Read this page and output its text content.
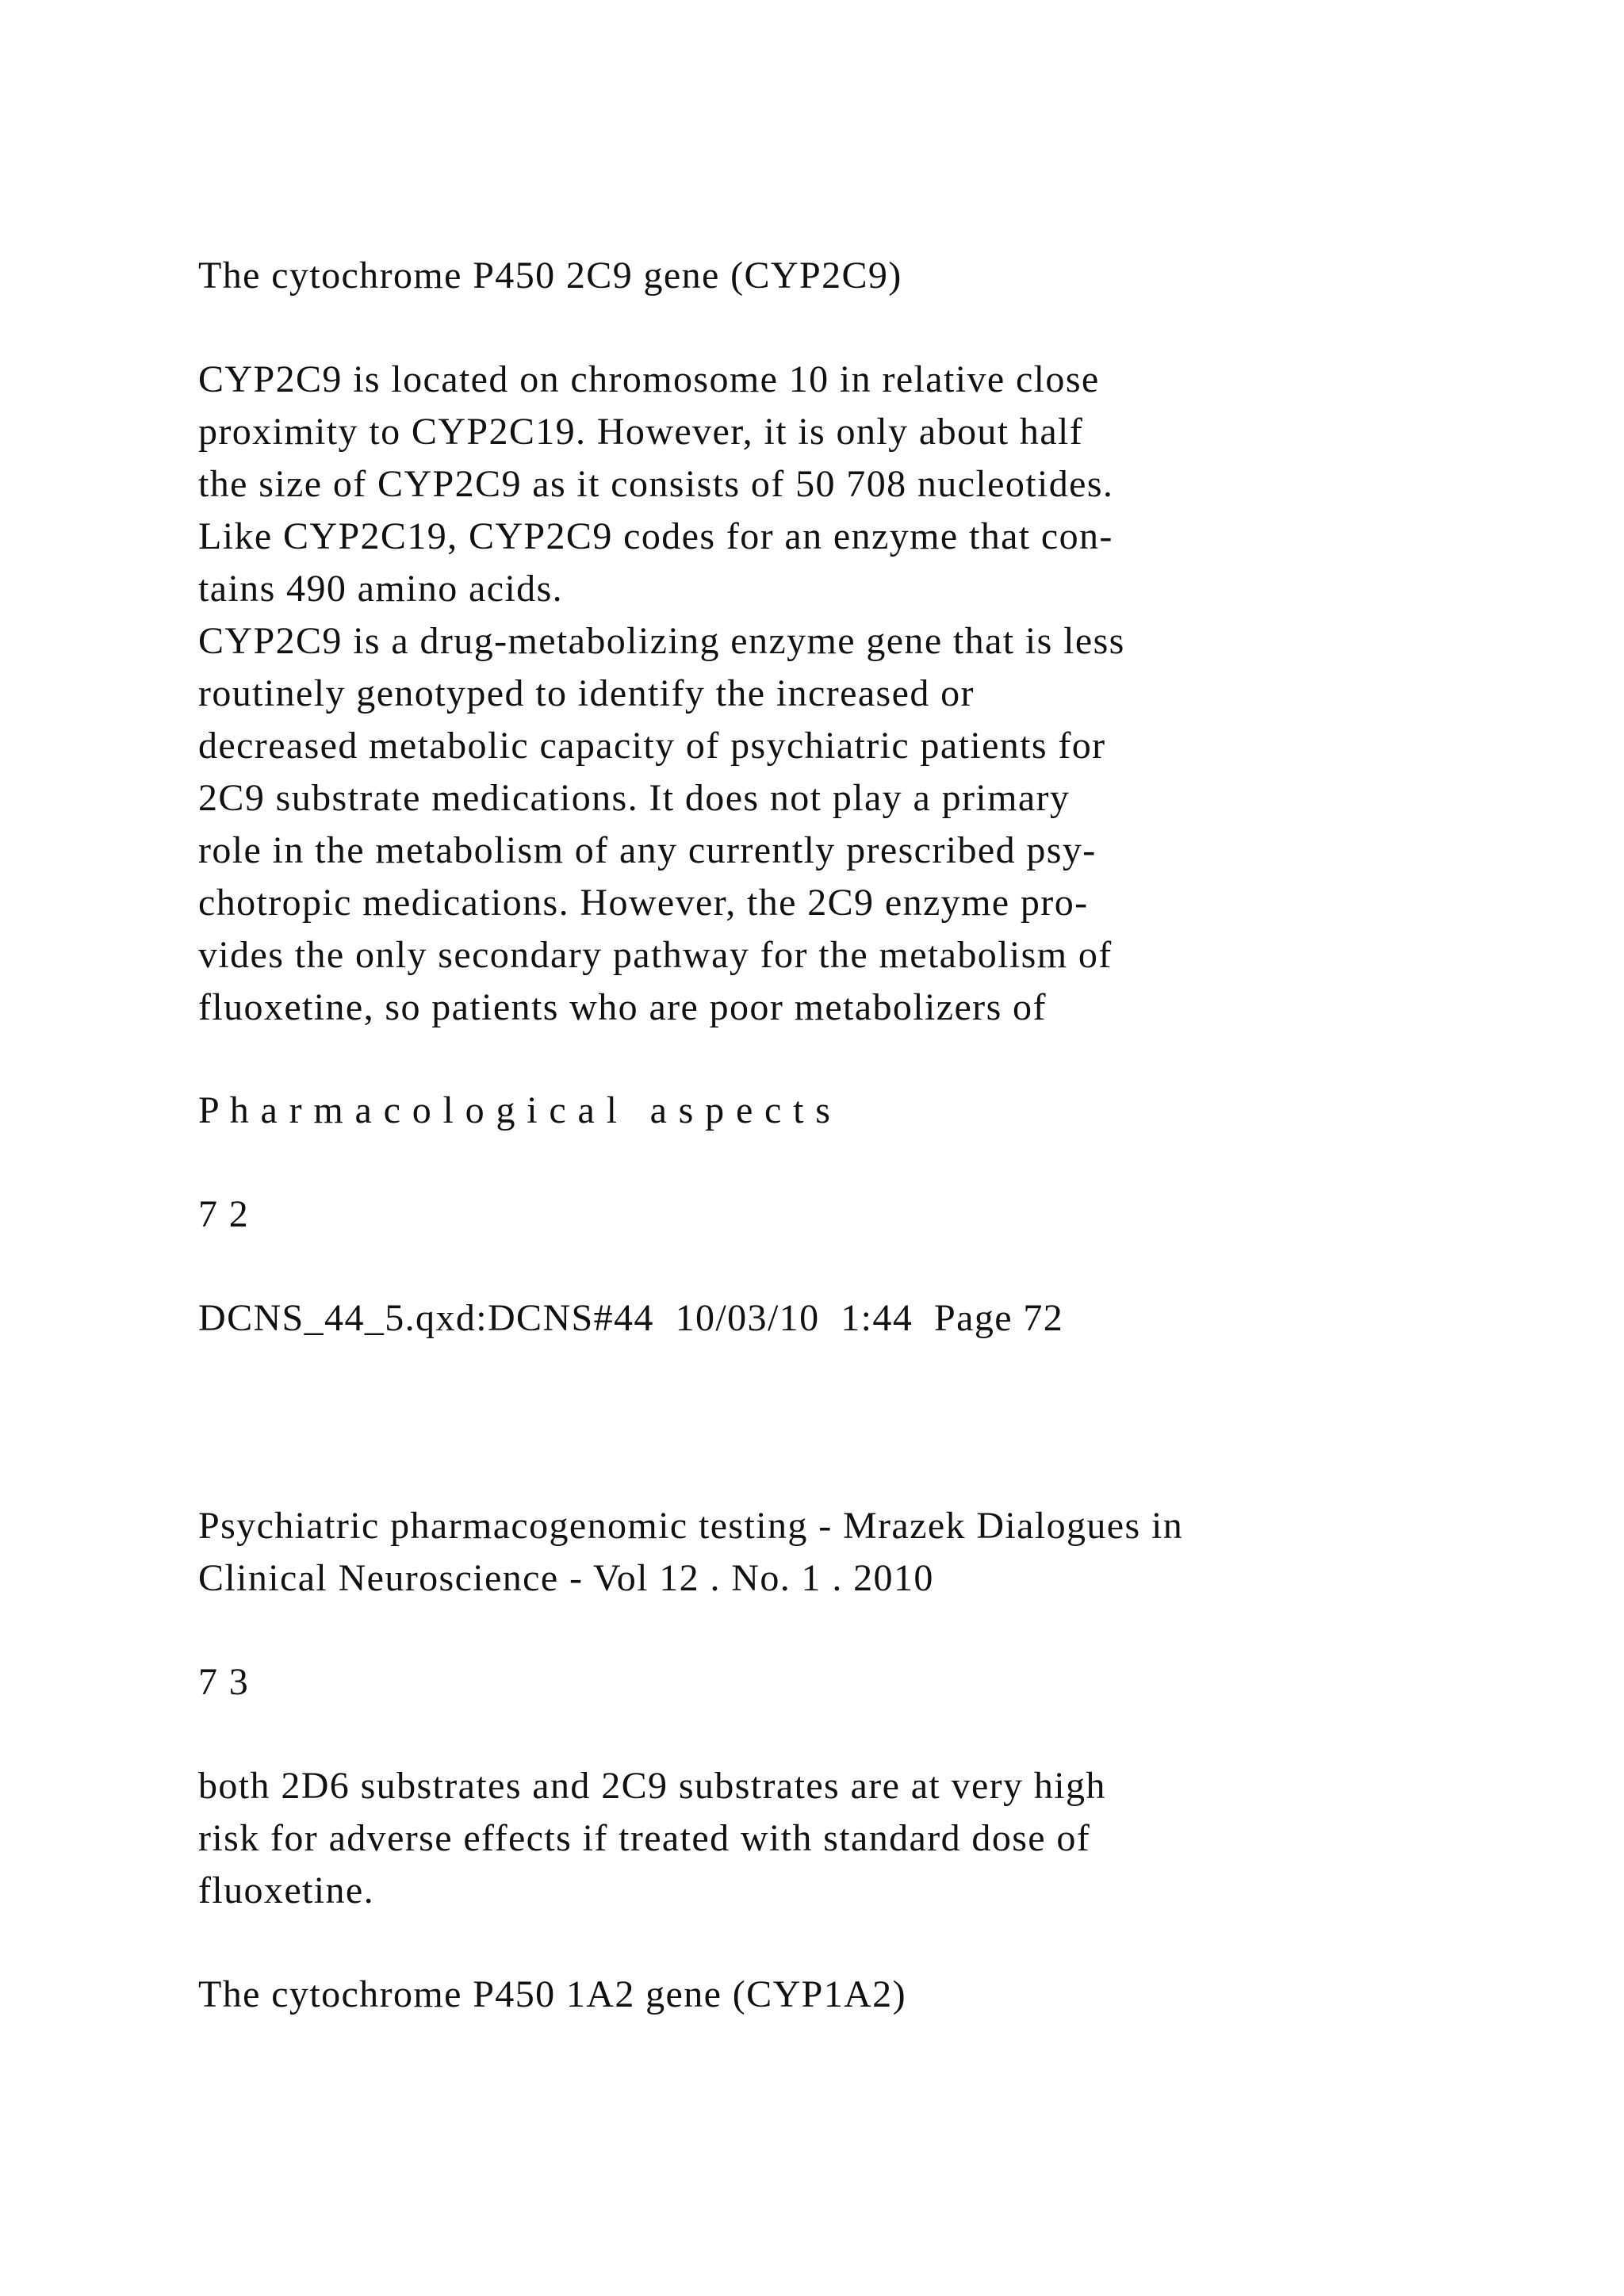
The cytochrome P450 2C9 gene (CYP2C9)
CYP2C9 is located on chromosome 10 in relative close
proximity to CYP2C19. However, it is only about half
the size of CYP2C9 as it consists of 50 708 nucleotides.
Like CYP2C19, CYP2C9 codes for an enzyme that con-
tains 490 amino acids.
CYP2C9 is a drug-metabolizing enzyme gene that is less
routinely genotyped to identify the increased or
decreased metabolic capacity of psychiatric patients for
2C9 substrate medications. It does not play a primary
role in the metabolism of any currently prescribed psy-
chotropic medications. However, the 2C9 enzyme pro-
vides the only secondary pathway for the metabolism of
fluoxetine, so patients who are poor metabolizers of
P h a r m a c o l o g i c a l   a s p e c t s
7 2
DCNS_44_5.qxd:DCNS#44  10/03/10  1:44  Page 72
Psychiatric pharmacogenomic testing - Mrazek Dialogues in
Clinical Neuroscience - Vol 12 . No. 1 . 2010
7 3
both 2D6 substrates and 2C9 substrates are at very high
risk for adverse effects if treated with standard dose of
fluoxetine.
The cytochrome P450 1A2 gene (CYP1A2)
